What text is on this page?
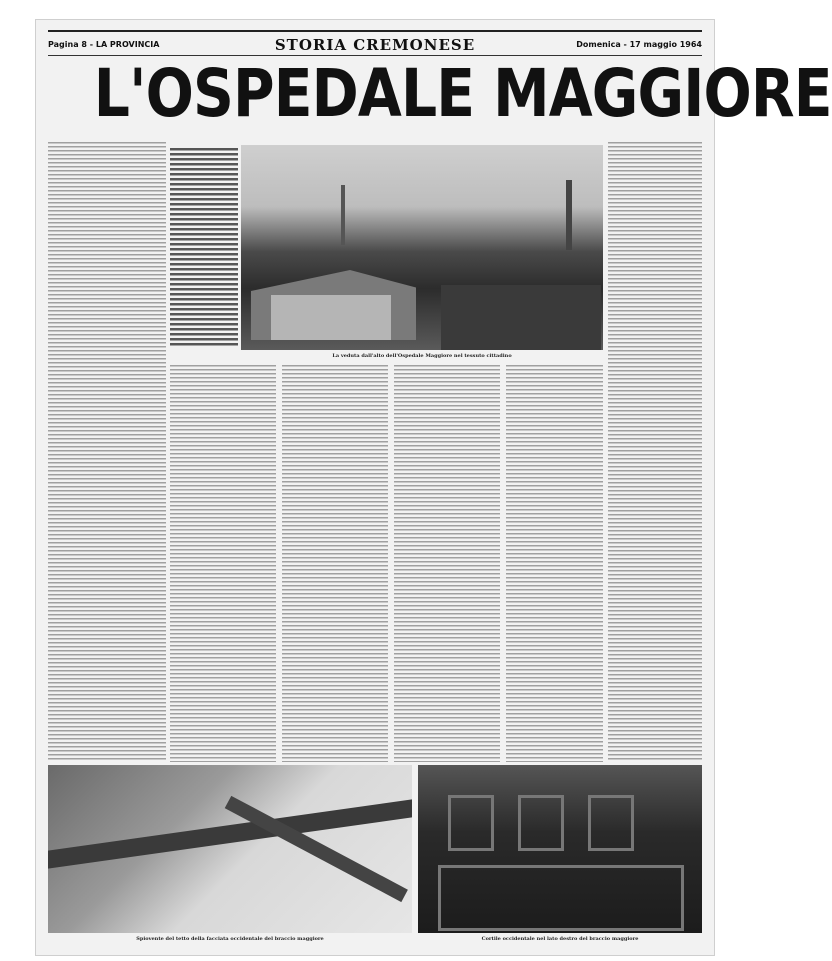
Pagina 8 - LA PROVINCIA	STORIA CREMONESE	Domenica - 17 maggio 1964
L'OSPEDALE MAGGIORE
La veduta dall'alto dell'Ospedale Maggiore nel tessuto cittadino
Spiovente del tetto della facciata occidentale del braccio maggiore	Cortile occidentale nel lato destro del braccio maggiore
